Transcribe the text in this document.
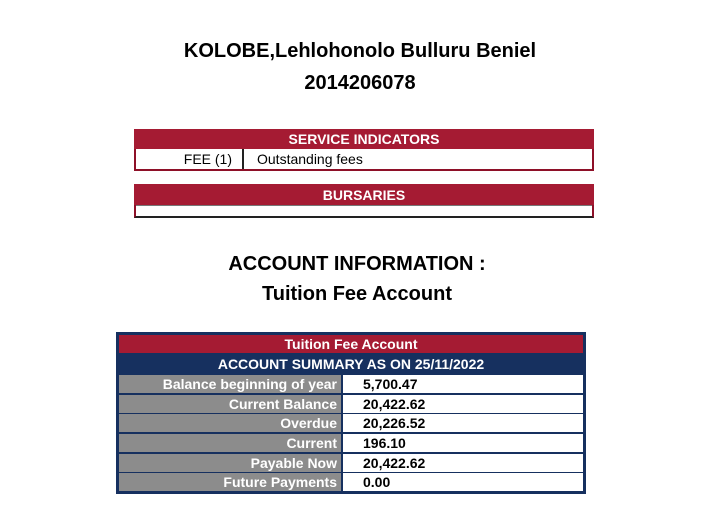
KOLOBE,Lehlohonolo Bulluru Beniel
2014206078
SERVICE INDICATORS
FEE (1)	Outstanding fees
BURSARIES
ACCOUNT INFORMATION :
Tuition Fee Account
Tuition Fee Account
ACCOUNT SUMMARY AS ON 25/11/2022
Balance beginning of year	5,700.47
Current Balance	20,422.62
Overdue	20,226.52
Current	196.10
Payable Now	20,422.62
Future Payments	0.00
